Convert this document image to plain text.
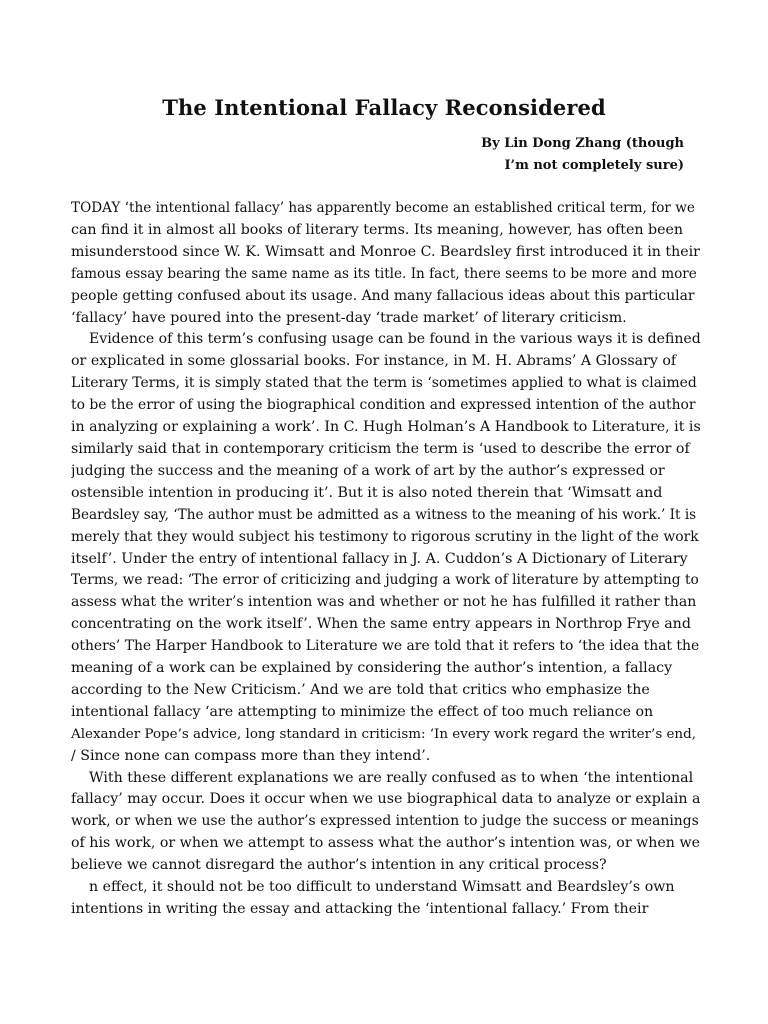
The Intentional Fallacy Reconsidered
By Lin Dong Zhang (though
I’m not completely sure)

TODAY ‘the intentional fallacy’ has apparently become an established critical term, for we
can find it in almost all books of literary terms. Its meaning, however, has often been
misunderstood since W. K. Wimsatt and Monroe C. Beardsley first introduced it in their
famous essay bearing the same name as its title. In fact, there seems to be more and more
people getting confused about its usage. And many fallacious ideas about this particular
‘fallacy’ have poured into the present-day ‘trade market’ of literary criticism.

Evidence of this term’s confusing usage can be found in the various ways it is defined
or explicated in some glossarial books. For instance, in M. H. Abrams’ A Glossary of
Literary Terms, it is simply stated that the term is ‘sometimes applied to what is claimed
to be the error of using the biographical condition and expressed intention of the author
in analyzing or explaining a work’. In C. Hugh Holman’s A Handbook to Literature, it is
similarly said that in contemporary criticism the term is ‘used to describe the error of
judging the success and the meaning of a work of art by the author’s expressed or
ostensible intention in producing it’. But it is also noted therein that ‘Wimsatt and
Beardsley say, ‘The author must be admitted as a witness to the meaning of his work.’ It is
merely that they would subject his testimony to rigorous scrutiny in the light of the work
itself’. Under the entry of intentional fallacy in J. A. Cuddon’s A Dictionary of Literary
Terms, we read: ‘The error of criticizing and judging a work of literature by attempting to
assess what the writer’s intention was and whether or not he has fulfilled it rather than
concentrating on the work itself’. When the same entry appears in Northrop Frye and
others’ The Harper Handbook to Literature we are told that it refers to ‘the idea that the
meaning of a work can be explained by considering the author’s intention, a fallacy
according to the New Criticism.’ And we are told that critics who emphasize the
intentional fallacy ‘are attempting to minimize the effect of too much reliance on
Alexander Pope’s advice, long standard in criticism: ‘In every work regard the writer’s end,
/ Since none can compass more than they intend’.

With these different explanations we are really confused as to when ‘the intentional
fallacy’ may occur. Does it occur when we use biographical data to analyze or explain a
work, or when we use the author’s expressed intention to judge the success or meanings
of his work, or when we attempt to assess what the author’s intention was, or when we
believe we cannot disregard the author’s intention in any critical process?

n effect, it should not be too difficult to understand Wimsatt and Beardsley’s own
intentions in writing the essay and attacking the ‘intentional fallacy.’ From their
